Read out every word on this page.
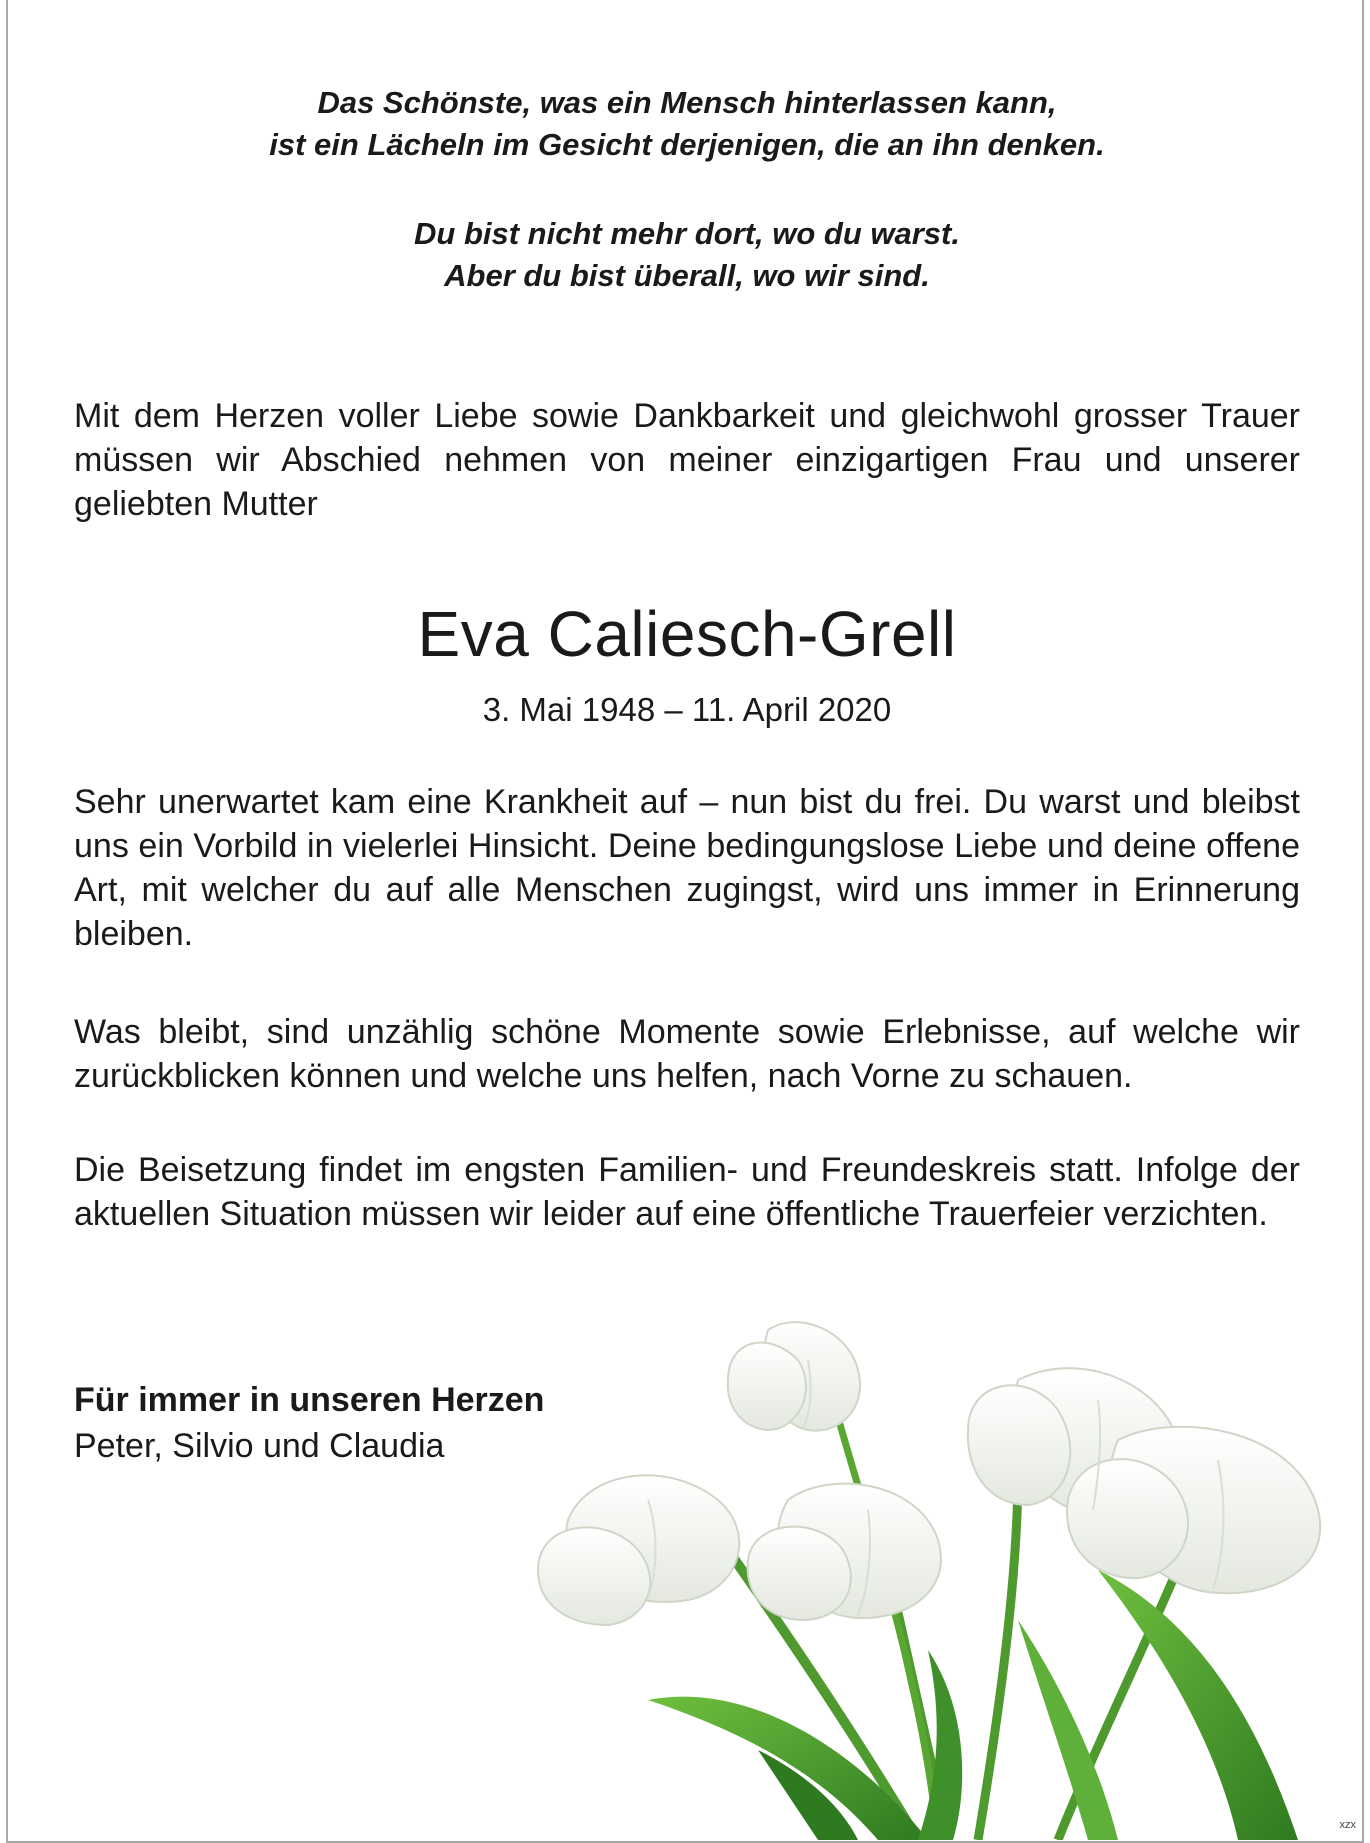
Das Schönste, was ein Mensch hinterlassen kann,
ist ein Lächeln im Gesicht derjenigen, die an ihn denken.
Du bist nicht mehr dort, wo du warst.
Aber du bist überall, wo wir sind.
Mit dem Herzen voller Liebe sowie Dankbarkeit und gleichwohl grosser Trauer müssen wir Abschied nehmen von meiner einzigartigen Frau und unserer geliebten Mutter
Eva Caliesch-Grell
3. Mai 1948 – 11. April 2020
Sehr unerwartet kam eine Krankheit auf – nun bist du frei. Du warst und bleibst uns ein Vorbild in vielerlei Hinsicht. Deine bedingungslose Liebe und deine offene Art, mit welcher du auf alle Menschen zugingst, wird uns immer in Erinnerung bleiben.
Was bleibt, sind unzählig schöne Momente sowie Erlebnisse, auf welche wir zurückblicken können und welche uns helfen, nach Vorne zu schauen.
Die Beisetzung findet im engsten Familien- und Freundeskreis statt. Infolge der aktuellen Situation müssen wir leider auf eine öffentliche Trauerfeier verzichten.
Für immer in unseren Herzen
Peter, Silvio und Claudia
xzx
